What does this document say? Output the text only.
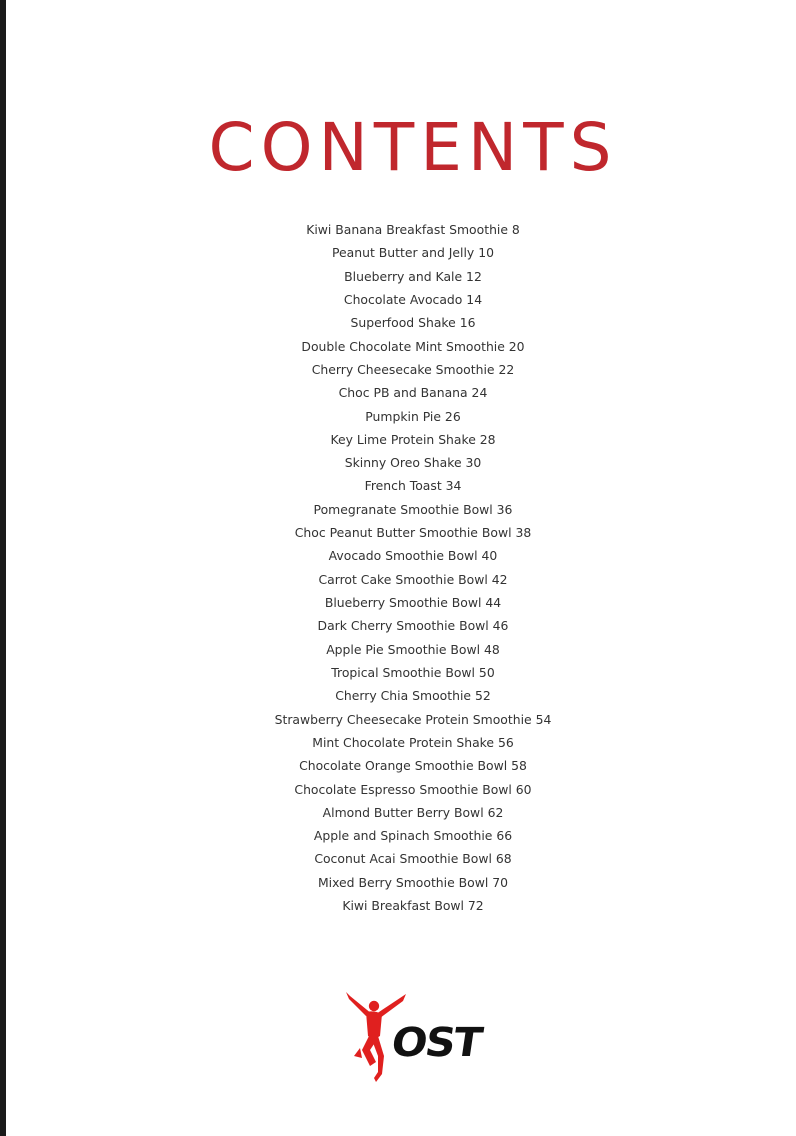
CONTENTS
Kiwi Banana Breakfast Smoothie 8
Peanut Butter and Jelly 10
Blueberry and Kale 12
Chocolate Avocado 14
Superfood Shake 16
Double Chocolate Mint Smoothie 20
Cherry Cheesecake Smoothie 22
Choc PB and Banana 24
Pumpkin Pie 26
Key Lime Protein Shake 28
Skinny Oreo Shake 30
French Toast 34
Pomegranate Smoothie Bowl 36
Choc Peanut Butter Smoothie Bowl 38
Avocado Smoothie Bowl 40
Carrot Cake Smoothie Bowl 42
Blueberry Smoothie Bowl 44
Dark Cherry Smoothie Bowl 46
Apple Pie Smoothie Bowl 48
Tropical Smoothie Bowl 50
Cherry Chia Smoothie 52
Strawberry Cheesecake Protein Smoothie 54
Mint Chocolate Protein Shake 56
Chocolate Orange Smoothie Bowl 58
Chocolate Espresso Smoothie Bowl 60
Almond Butter Berry Bowl 62
Apple and Spinach Smoothie 66
Coconut Acai Smoothie Bowl 68
Mixed Berry Smoothie Bowl 70
Kiwi Breakfast Bowl 72
OST
